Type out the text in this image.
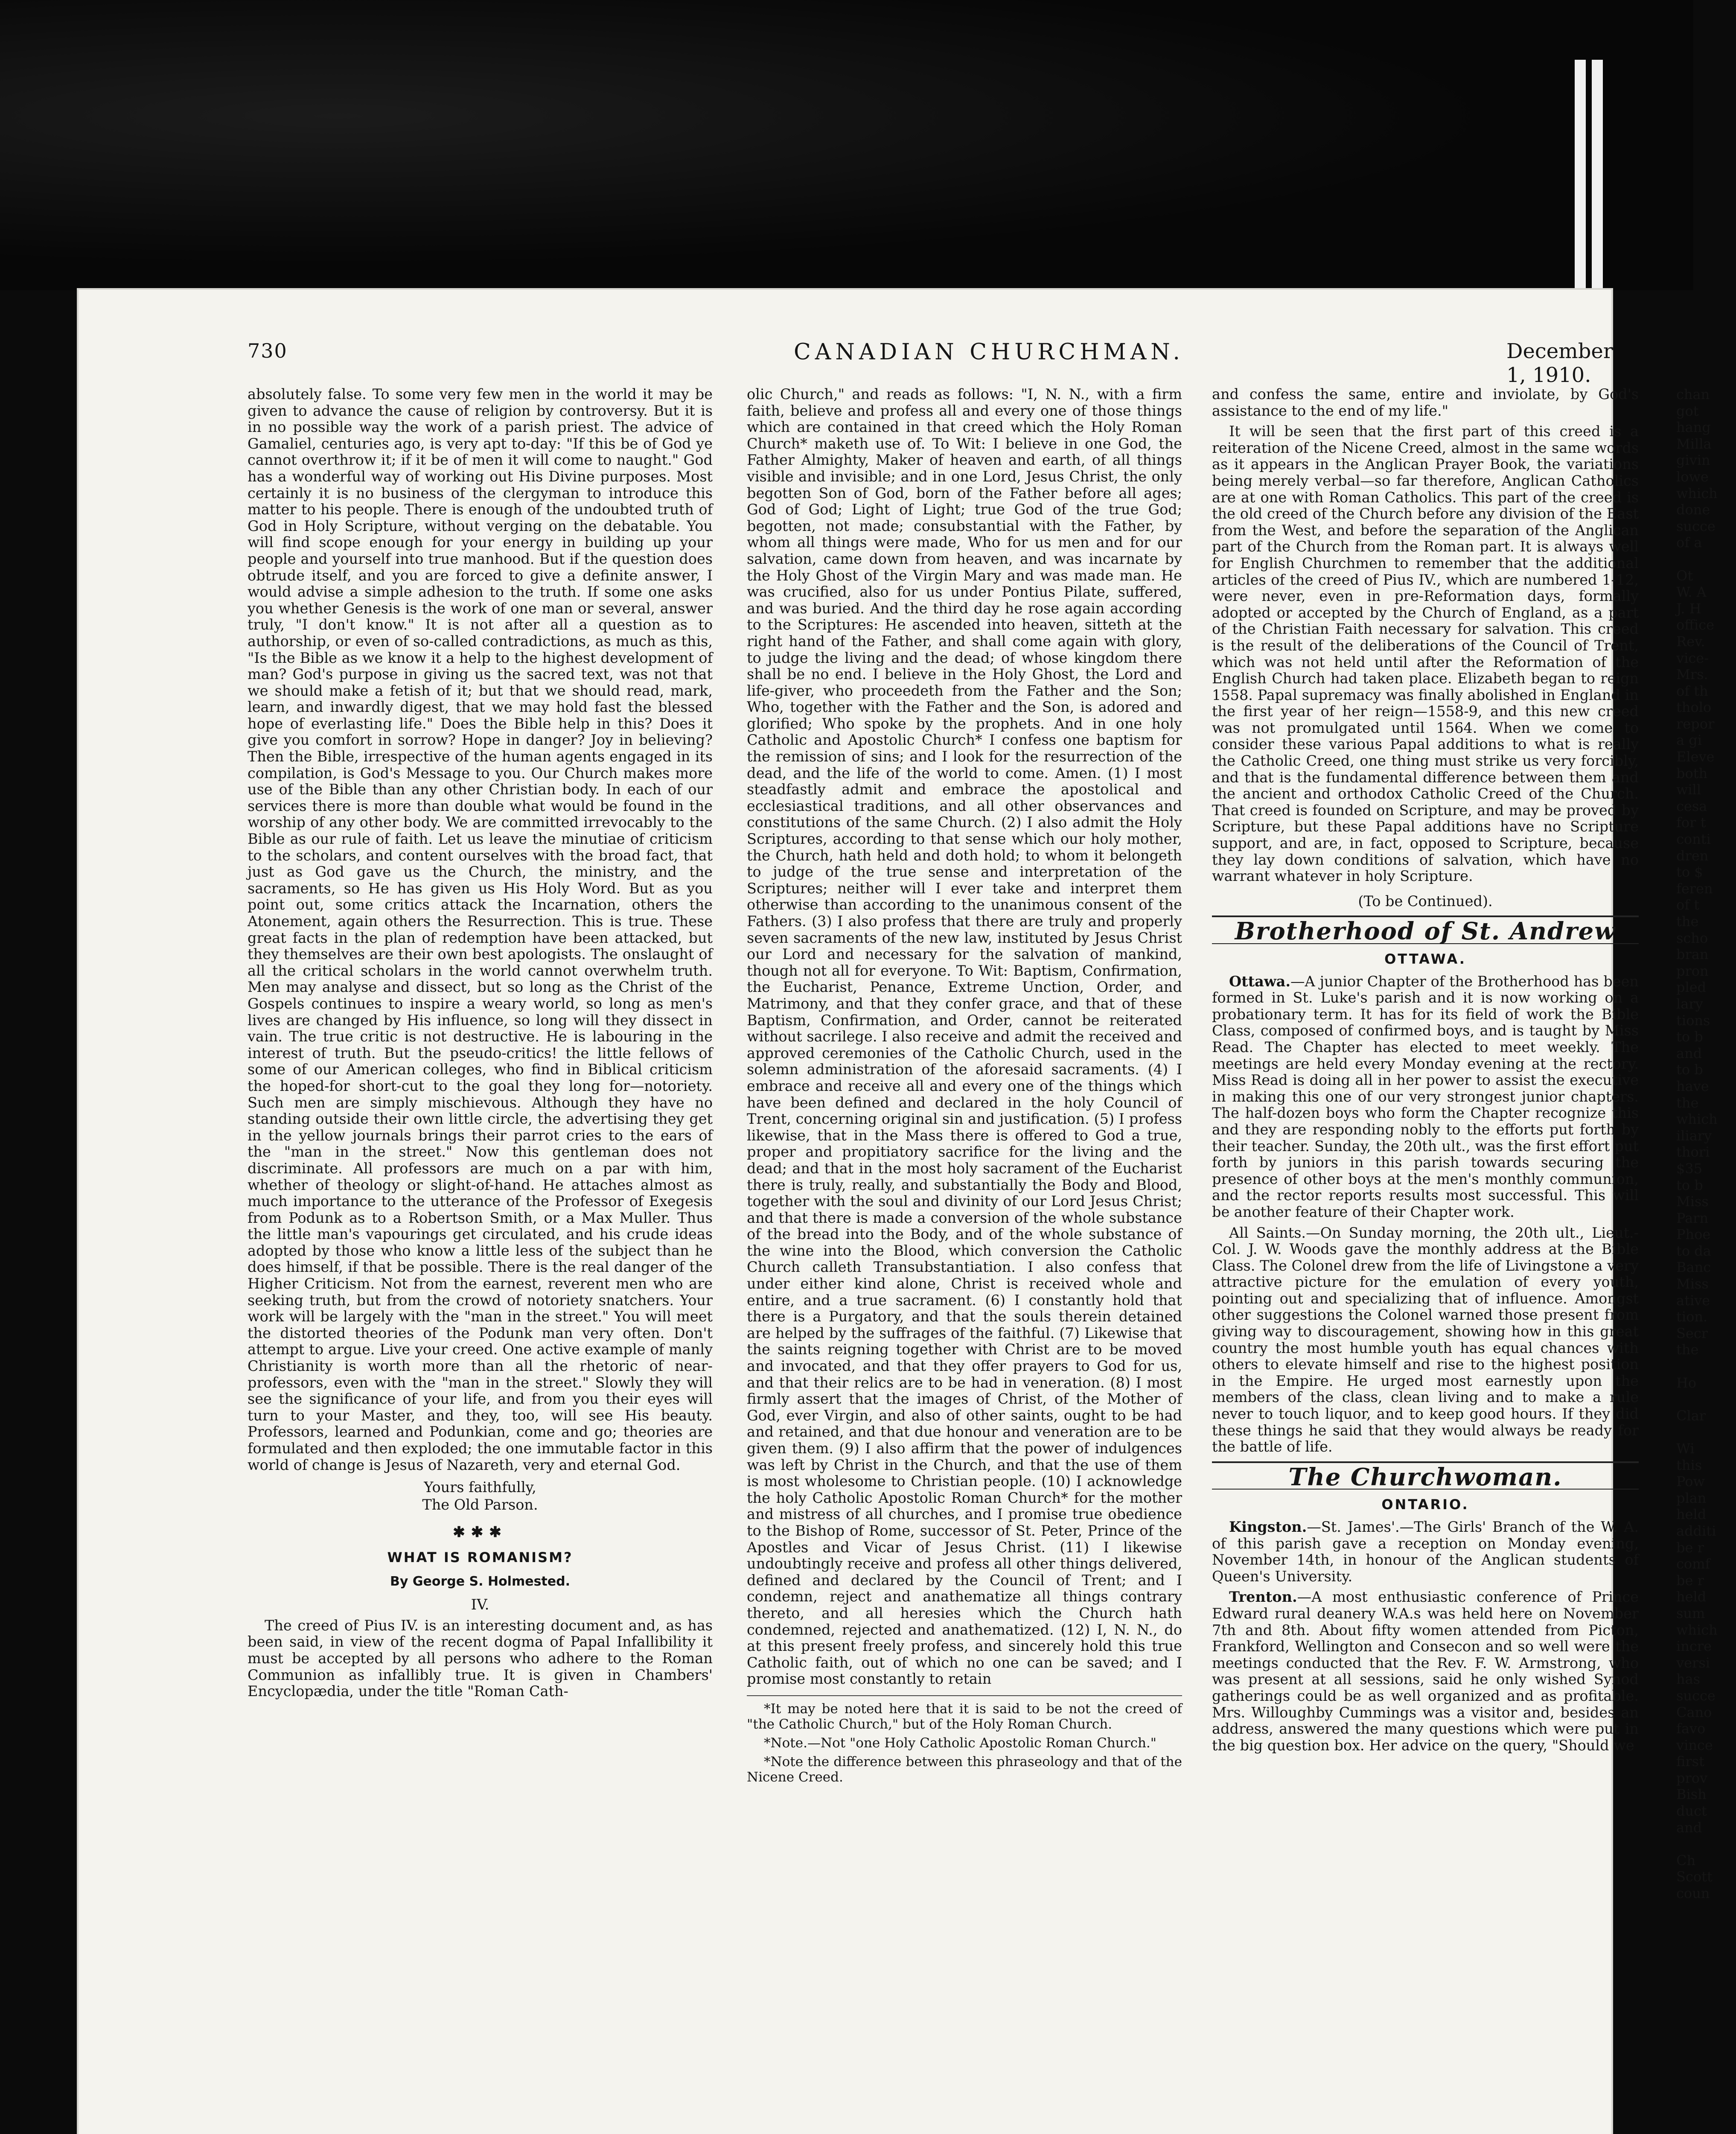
730	CANADIAN CHURCHMAN.	December 1, 1910.

absolutely false. To some very few men in the world it may be given to advance the cause of religion by controversy. But it is in no possible way the work of a parish priest. The advice of Gamaliel, centuries ago, is very apt to-day: "If this be of God ye cannot overthrow it; if it be of men it will come to naught." God has a wonderful way of working out His Divine purposes. Most certainly it is no business of the clergyman to introduce this matter to his people. There is enough of the undoubted truth of God in Holy Scripture, without verging on the debatable. You will find scope enough for your energy in building up your people and yourself into true manhood. But if the question does obtrude itself, and you are forced to give a definite answer, I would advise a simple adhesion to the truth. If some one asks you whether Genesis is the work of one man or several, answer truly, "I don't know." It is not after all a question as to authorship, or even of so-called contradictions, as much as this, "Is the Bible as we know it a help to the highest development of man? God's purpose in giving us the sacred text, was not that we should make a fetish of it; but that we should read, mark, learn, and inwardly digest, that we may hold fast the blessed hope of everlasting life." Does the Bible help in this? Does it give you comfort in sorrow? Hope in danger? Joy in believing? Then the Bible, irrespective of the human agents engaged in its compilation, is God's Message to you. Our Church makes more use of the Bible than any other Christian body. In each of our services there is more than double what would be found in the worship of any other body. We are committed irrevocably to the Bible as our rule of faith. Let us leave the minutiae of criticism to the scholars, and content ourselves with the broad fact, that just as God gave us the Church, the ministry, and the sacraments, so He has given us His Holy Word. But as you point out, some critics attack the Incarnation, others the Atonement, again others the Resurrection. This is true. These great facts in the plan of redemption have been attacked, but they themselves are their own best apologists. The onslaught of all the critical scholars in the world cannot overwhelm truth. Men may analyse and dissect, but so long as the Christ of the Gospels continues to inspire a weary world, so long as men's lives are changed by His influence, so long will they dissect in vain. The true critic is not destructive. He is labouring in the interest of truth. But the pseudo-critics! the little fellows of some of our American colleges, who find in Biblical criticism the hoped-for short-cut to the goal they long for—notoriety. Such men are simply mischievous. Although they have no standing outside their own little circle, the advertising they get in the yellow journals brings their parrot cries to the ears of the "man in the street." Now this gentleman does not discriminate. All professors are much on a par with him, whether of theology or slight-of-hand. He attaches almost as much importance to the utterance of the Professor of Exegesis from Podunk as to a Robertson Smith, or a Max Muller. Thus the little man's vapourings get circulated, and his crude ideas adopted by those who know a little less of the subject than he does himself, if that be possible. There is the real danger of the Higher Criticism. Not from the earnest, reverent men who are seeking truth, but from the crowd of notoriety snatchers. Your work will be largely with the "man in the street." You will meet the distorted theories of the Podunk man very often. Don't attempt to argue. Live your creed. One active example of manly Christianity is worth more than all the rhetoric of near-professors, even with the "man in the street." Slowly they will see the significance of your life, and from you their eyes will turn to your Master, and they, too, will see His beauty. Professors, learned and Podunkian, come and go; theories are formulated and then exploded; the one immutable factor in this world of change is Jesus of Nazareth, very and eternal God.

Yours faithfully,
The Old Parson.
✱✱✱
WHAT IS ROMANISM?
By George S. Holmested.
IV.

The creed of Pius IV. is an interesting document and, as has been said, in view of the recent dogma of Papal Infallibility it must be accepted by all persons who adhere to the Roman Communion as infallibly true. It is given in Chambers' Encyclopædia, under the title "Roman Cath-

olic Church," and reads as follows: "I, N. N., with a firm faith, believe and profess all and every one of those things which are contained in that creed which the Holy Roman Church* maketh use of. To Wit: I believe in one God, the Father Almighty, Maker of heaven and earth, of all things visible and invisible; and in one Lord, Jesus Christ, the only begotten Son of God, born of the Father before all ages; God of God; Light of Light; true God of the true God; begotten, not made; consubstantial with the Father, by whom all things were made, Who for us men and for our salvation, came down from heaven, and was incarnate by the Holy Ghost of the Virgin Mary and was made man. He was crucified, also for us under Pontius Pilate, suffered, and was buried. And the third day he rose again according to the Scriptures: He ascended into heaven, sitteth at the right hand of the Father, and shall come again with glory, to judge the living and the dead; of whose kingdom there shall be no end. I believe in the Holy Ghost, the Lord and life-giver, who proceedeth from the Father and the Son; Who, together with the Father and the Son, is adored and glorified; Who spoke by the prophets. And in one holy Catholic and Apostolic Church* I confess one baptism for the remission of sins; and I look for the resurrection of the dead, and the life of the world to come. Amen. (1) I most steadfastly admit and embrace the apostolical and ecclesiastical traditions, and all other observances and constitutions of the same Church. (2) I also admit the Holy Scriptures, according to that sense which our holy mother, the Church, hath held and doth hold; to whom it belongeth to judge of the true sense and interpretation of the Scriptures; neither will I ever take and interpret them otherwise than according to the unanimous consent of the Fathers. (3) I also profess that there are truly and properly seven sacraments of the new law, instituted by Jesus Christ our Lord and necessary for the salvation of mankind, though not all for everyone. To Wit: Baptism, Confirmation, the Eucharist, Penance, Extreme Unction, Order, and Matrimony, and that they confer grace, and that of these Baptism, Confirmation, and Order, cannot be reiterated without sacrilege. I also receive and admit the received and approved ceremonies of the Catholic Church, used in the solemn administration of the aforesaid sacraments. (4) I embrace and receive all and every one of the things which have been defined and declared in the holy Council of Trent, concerning original sin and justification. (5) I profess likewise, that in the Mass there is offered to God a true, proper and propitiatory sacrifice for the living and the dead; and that in the most holy sacrament of the Eucharist there is truly, really, and substantially the Body and Blood, together with the soul and divinity of our Lord Jesus Christ; and that there is made a conversion of the whole substance of the bread into the Body, and of the whole substance of the wine into the Blood, which conversion the Catholic Church calleth Transubstantiation. I also confess that under either kind alone, Christ is received whole and entire, and a true sacrament. (6) I constantly hold that there is a Purgatory, and that the souls therein detained are helped by the suffrages of the faithful. (7) Likewise that the saints reigning together with Christ are to be moved and invocated, and that they offer prayers to God for us, and that their relics are to be had in veneration. (8) I most firmly assert that the images of Christ, of the Mother of God, ever Virgin, and also of other saints, ought to be had and retained, and that due honour and veneration are to be given them. (9) I also affirm that the power of indulgences was left by Christ in the Church, and that the use of them is most wholesome to Christian people. (10) I acknowledge the holy Catholic Apostolic Roman Church* for the mother and mistress of all churches, and I promise true obedience to the Bishop of Rome, successor of St. Peter, Prince of the Apostles and Vicar of Jesus Christ. (11) I likewise undoubtingly receive and profess all other things delivered, defined and declared by the Council of Trent; and I condemn, reject and anathematize all things contrary thereto, and all heresies which the Church hath condemned, rejected and anathematized. (12) I, N. N., do at this present freely profess, and sincerely hold this true Catholic faith, out of which no one can be saved; and I promise most constantly to retain

*It may be noted here that it is said to be not the creed of "the Catholic Church," but of the Holy Roman Church.

*Note.—Not "one Holy Catholic Apostolic Roman Church."

*Note the difference between this phraseology and that of the Nicene Creed.

and confess the same, entire and inviolate, by God's assistance to the end of my life."

It will be seen that the first part of this creed is a reiteration of the Nicene Creed, almost in the same words as it appears in the Anglican Prayer Book, the variations being merely verbal—so far therefore, Anglican Catholics are at one with Roman Catholics. This part of the creed is the old creed of the Church before any division of the East from the West, and before the separation of the Anglican part of the Church from the Roman part. It is always well for English Churchmen to remember that the additional articles of the creed of Pius IV., which are numbered 1-12, were never, even in pre-Reformation days, formally adopted or accepted by the Church of England, as a part of the Christian Faith necessary for salvation. This creed is the result of the deliberations of the Council of Trent, which was not held until after the Reformation of the English Church had taken place. Elizabeth began to reign 1558. Papal supremacy was finally abolished in England in the first year of her reign—1558-9, and this new creed was not promulgated until 1564. When we come to consider these various Papal additions to what is really the Catholic Creed, one thing must strike us very forcibly, and that is the fundamental difference between them and the ancient and orthodox Catholic Creed of the Church. That creed is founded on Scripture, and may be proved by Scripture, but these Papal additions have no Scripture support, and are, in fact, opposed to Scripture, because they lay down conditions of salvation, which have no warrant whatever in holy Scripture.

(To be Continued).
Brotherhood of St. Andrew
OTTAWA.

Ottawa.—A junior Chapter of the Brotherhood has been formed in St. Luke's parish and it is now working on a probationary term. It has for its field of work the Bible Class, composed of confirmed boys, and is taught by Miss Read. The Chapter has elected to meet weekly. The meetings are held every Monday evening at the rectory. Miss Read is doing all in her power to assist the executive in making this one of our very strongest junior chapters. The half-dozen boys who form the Chapter recognize this and they are responding nobly to the efforts put forth by their teacher. Sunday, the 20th ult., was the first effort put forth by juniors in this parish towards securing the presence of other boys at the men's monthly communion, and the rector reports results most successful. This will be another feature of their Chapter work.

All Saints.—On Sunday morning, the 20th ult., Lieut.-Col. J. W. Woods gave the monthly address at the Bible Class. The Colonel drew from the life of Livingstone a very attractive picture for the emulation of every youth, pointing out and specializing that of influence. Amongst other suggestions the Colonel warned those present from giving way to discouragement, showing how in this great country the most humble youth has equal chances with others to elevate himself and rise to the highest position in the Empire. He urged most earnestly upon the members of the class, clean living and to make a rule never to touch liquor, and to keep good hours. If they did these things he said that they would always be ready for the battle of life.

The Churchwoman.
ONTARIO.

Kingston.—St. James'.—The Girls' Branch of the W. A. of this parish gave a reception on Monday evening, November 14th, in honour of the Anglican students of Queen's University.

Trenton.—A most enthusiastic conference of Prince Edward rural deanery W.A.s was held here on November 7th and 8th. About fifty women attended from Picton, Frankford, Wellington and Consecon and so well were the meetings conducted that the Rev. F. W. Armstrong, who was present at all sessions, said he only wished Synod gatherings could be as well organized and as profitable. Mrs. Willoughby Cummings was a visitor and, besides an address, answered the many questions which were put in the big question box. Her advice on the query, "Should we

chan
got
hang
Milla
givin
lowe
which
done
succe
of a

Ot
W. A
J. H
office
Rev.
vice-
Mrs.
of th
tholo
repor
a gi
Eleve
both
will
cesa
for t
conti
dren
to $
feren
of t
the
scho
bran
pron
pled
lary
tions
to b
and
to b
have
the
which
iliary
thori
$35
to b
Miss
Parn
Phoe
to da
Banc
Miss
ative
tion.
Secr
the

Ho

Clar

Wi
this
Pow
plan
held
additi
be r
comf
be r
held
sum
which
incre
versi
has
succe
Cano
favo
vince
first
prov
Bish
duct
and

Ch
Scott
coun
